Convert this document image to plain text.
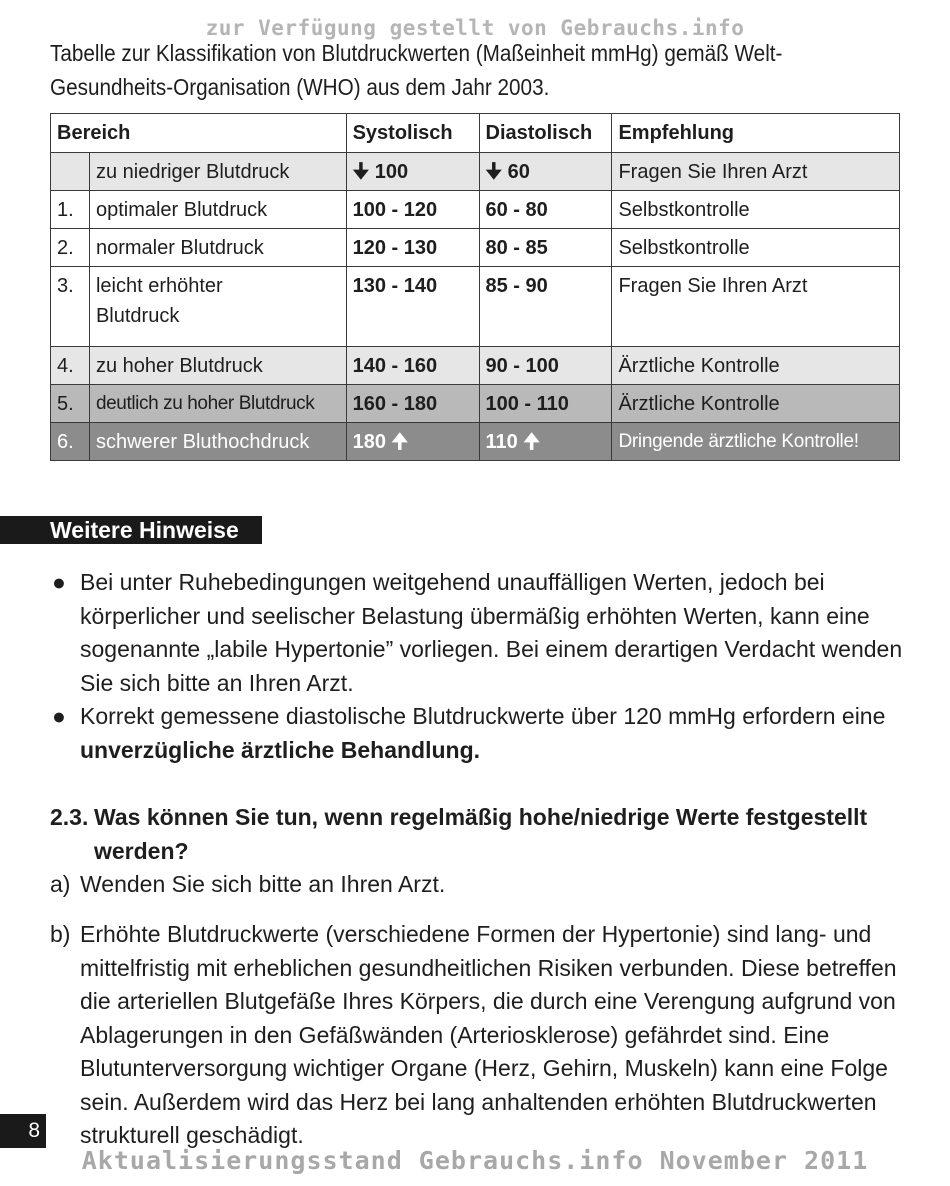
zur Verfügung gestellt von Gebrauchs.info
Tabelle zur Klassifikation von Blutdruckwerten (Maßeinheit mmHg) gemäß Welt-Gesundheits-Organisation (WHO) aus dem Jahr 2003.
Bereich		Systolisch	Diastolisch	Empfehlung
	zu niedriger Blutdruck	🠋 100	🠋 60	Fragen Sie Ihren Arzt
1.	optimaler Blutdruck	100 - 120	60 - 80	Selbstkontrolle
2.	normaler Blutdruck	120 - 130	80 - 85	Selbstkontrolle
3.	leicht erhöhter Blutdruck	130 - 140	85 - 90	Fragen Sie Ihren Arzt
4.	zu hoher Blutdruck	140 - 160	90 - 100	Ärztliche Kontrolle
5.	deutlich zu hoher Blutdruck	160 - 180	100 - 110	Ärztliche Kontrolle
6.	schwerer Bluthochdruck	180 🠉	110 🠉	Dringende ärztliche Kontrolle!
Weitere Hinweise
● Bei unter Ruhebedingungen weitgehend unauffälligen Werten, jedoch bei körperlicher und seelischer Belastung übermäßig erhöhten Werten, kann eine sogenannte „labile Hypertonie” vorliegen. Bei einem derartigen Verdacht wenden Sie sich bitte an Ihren Arzt.
● Korrekt gemessene diastolische Blutdruckwerte über 120 mmHg erfordern eine unverzügliche ärztliche Behandlung.
2.3. Was können Sie tun, wenn regelmäßig hohe/niedrige Werte festgestellt werden?
a) Wenden Sie sich bitte an Ihren Arzt.
b) Erhöhte Blutdruckwerte (verschiedene Formen der Hypertonie) sind lang- und mittelfristig mit erheblichen gesundheitlichen Risiken verbunden. Diese betreffen die arteriellen Blutgefäße Ihres Körpers, die durch eine Verengung aufgrund von Ablagerungen in den Gefäßwänden (Arteriosklerose) gefährdet sind. Eine Blutunterversorgung wichtiger Organe (Herz, Gehirn, Muskeln) kann eine Folge sein. Außerdem wird das Herz bei lang anhaltenden erhöhten Blutdruckwerten strukturell geschädigt.
8
Aktualisierungsstand Gebrauchs.info November 2011
